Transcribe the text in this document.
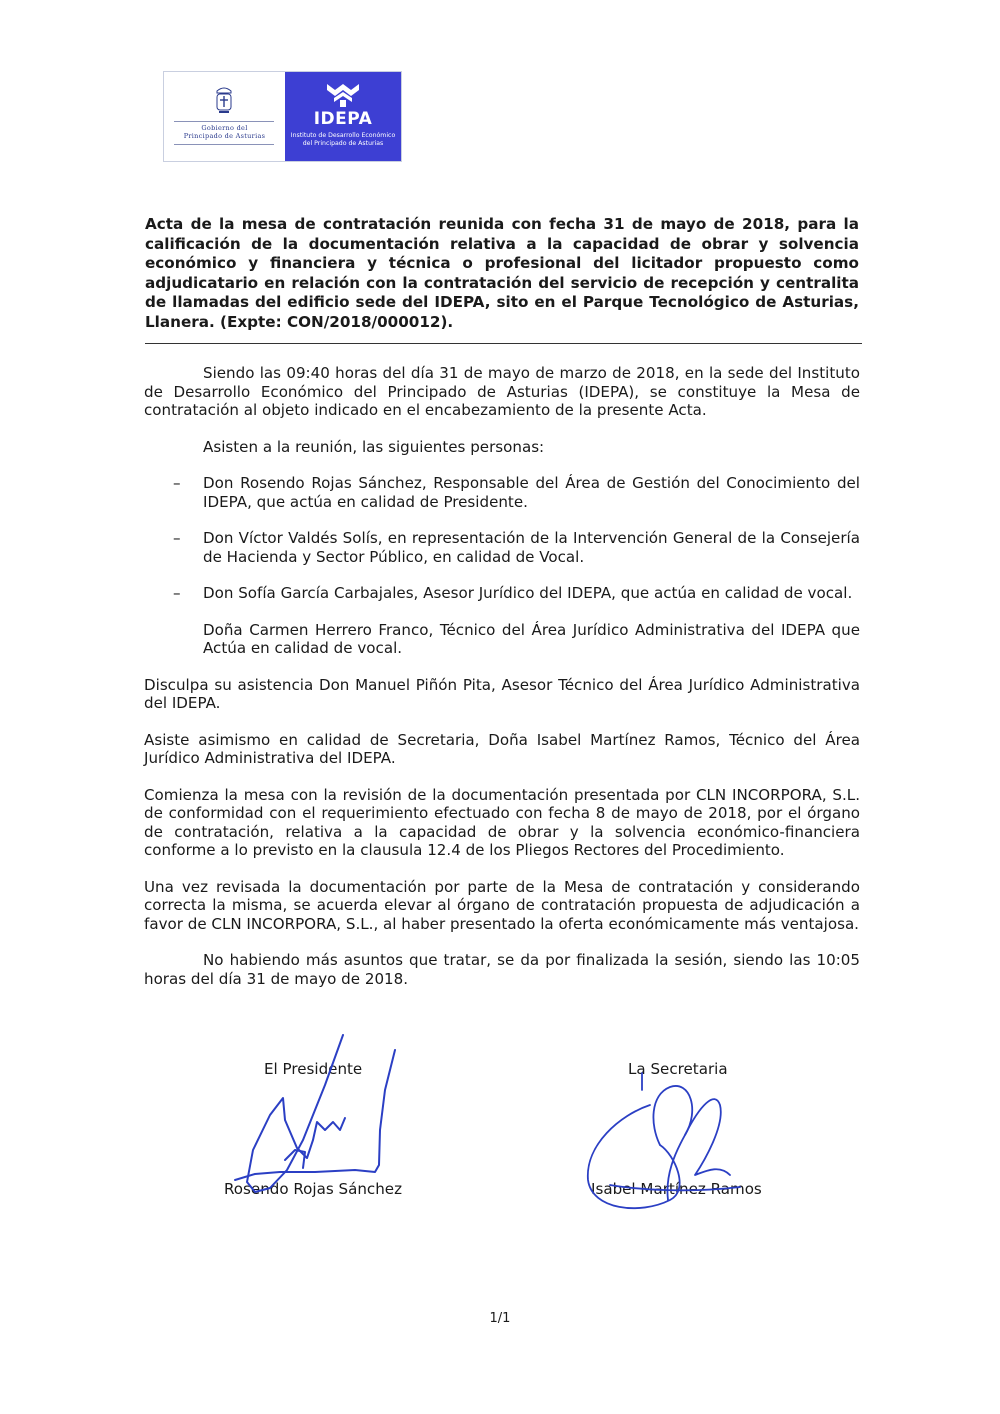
Gobierno del
Principado de Asturias
IDEPA
Instituto de Desarrollo Económico
del Principado de Asturias

Acta de la mesa de contratación reunida con fecha 31 de mayo de 2018, para la calificación de la documentación relativa a la capacidad de obrar y solvencia económico y financiera y técnica o profesional del licitador propuesto como adjudicatario en relación con la contratación del servicio de recepción y centralita de llamadas del edificio sede del IDEPA, sito en el Parque Tecnológico de Asturias, Llanera. (Expte: CON/2018/000012).

Siendo las 09:40 horas del día 31 de mayo de marzo de 2018, en la sede del Instituto de Desarrollo Económico del Principado de Asturias (IDEPA), se constituye la Mesa de contratación al objeto indicado en el encabezamiento de la presente Acta.

Asisten a la reunión, las siguientes personas:

– Don Rosendo Rojas Sánchez, Responsable del Área de Gestión del Conocimiento del IDEPA, que actúa en calidad de Presidente.
– Don Víctor Valdés Solís, en representación de la Intervención General de la Consejería de Hacienda y Sector Público, en calidad de Vocal.
– Don Sofía García Carbajales, Asesor Jurídico del IDEPA, que actúa en calidad de vocal.
Doña Carmen Herrero Franco, Técnico del Área Jurídico Administrativa del IDEPA que Actúa en calidad de vocal.

Disculpa su asistencia Don Manuel Piñón Pita, Asesor Técnico del Área Jurídico Administrativa del IDEPA.

Asiste asimismo en calidad de Secretaria, Doña Isabel Martínez Ramos, Técnico del Área Jurídico Administrativa del IDEPA.

Comienza la mesa con la revisión de la documentación presentada por CLN INCORPORA, S.L. de conformidad con el requerimiento efectuado con fecha 8 de mayo de 2018, por el órgano de contratación, relativa a la capacidad de obrar y la solvencia económico-financiera conforme a lo previsto en la clausula 12.4 de los Pliegos Rectores del Procedimiento.

Una vez revisada la documentación por parte de la Mesa de contratación y considerando correcta la misma, se acuerda elevar al órgano de contratación propuesta de adjudicación a favor de CLN INCORPORA, S.L., al haber presentado la oferta económicamente más ventajosa.

No habiendo más asuntos que tratar, se da por finalizada la sesión, siendo las 10:05 horas del día 31 de mayo de 2018.

El Presidente
Rosendo Rojas Sánchez
La Secretaria
Isabel Martínez Ramos
1/1
